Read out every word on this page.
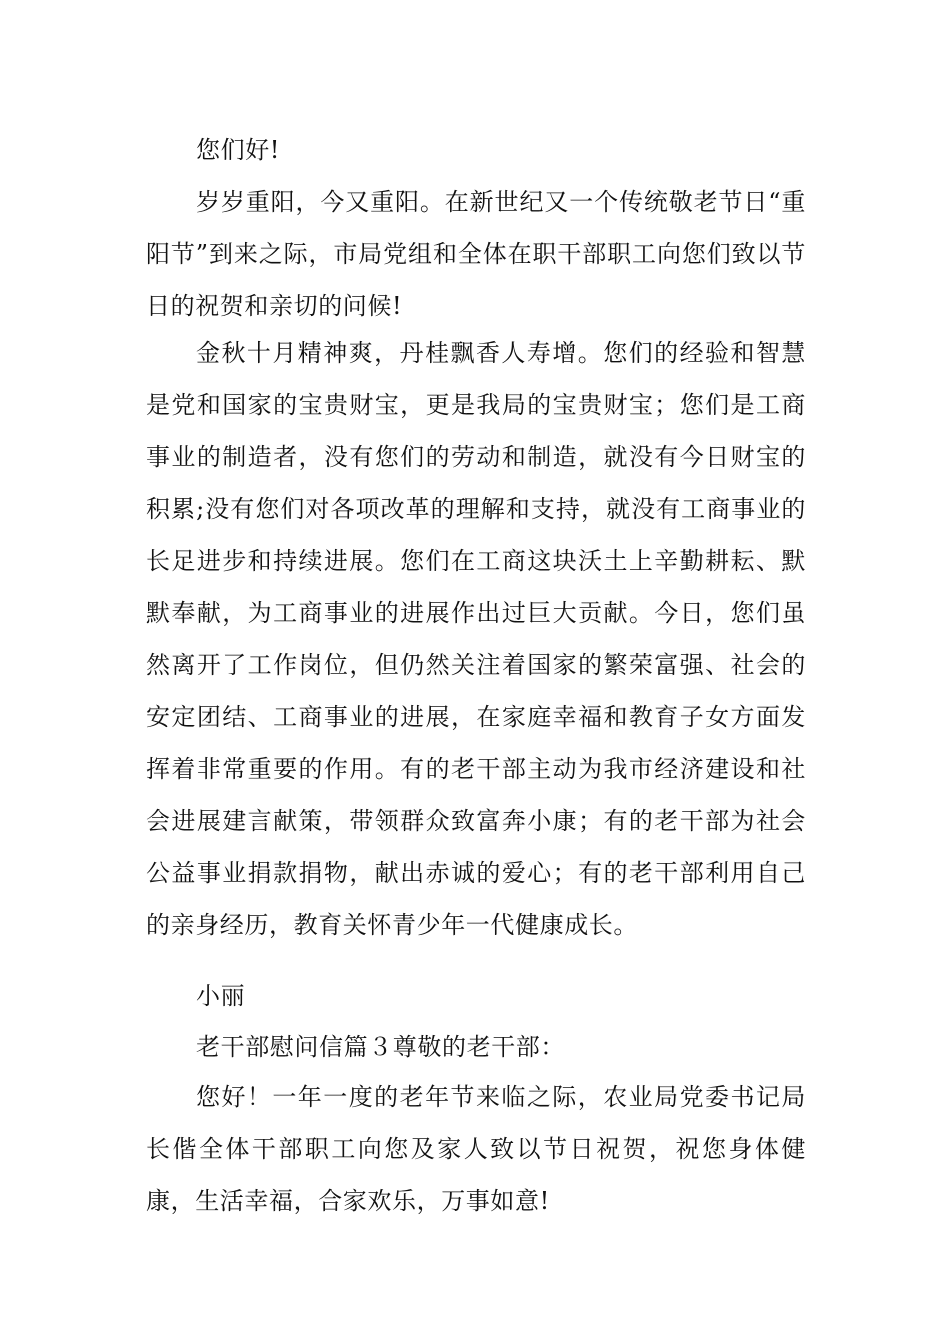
您们好!

岁岁重阳，今又重阳。在新世纪又一个传统敬老节日“重阳节”到来之际，市局党组和全体在职干部职工向您们致以节日的祝贺和亲切的问候!

金秋十月精神爽，丹桂飘香人寿增。您们的经验和智慧是党和国家的宝贵财宝，更是我局的宝贵财宝；您们是工商事业的制造者，没有您们的劳动和制造，就没有今日财宝的积累;没有您们对各项改革的理解和支持，就没有工商事业的长足进步和持续进展。您们在工商这块沃土上辛勤耕耘、默默奉献，为工商事业的进展作出过巨大贡献。今日，您们虽然离开了工作岗位，但仍然关注着国家的繁荣富强、社会的安定团结、工商事业的进展，在家庭幸福和教育子女方面发挥着非常重要的作用。有的老干部主动为我市经济建设和社会进展建言献策，带领群众致富奔小康；有的老干部为社会公益事业捐款捐物，献出赤诚的爱心；有的老干部利用自己的亲身经历，教育关怀青少年一代健康成长。

小丽

老干部慰问信篇３尊敬的老干部：

您好！一年一度的老年节来临之际，农业局党委书记局长偕全体干部职工向您及家人致以节日祝贺，祝您身体健康，生活幸福，合家欢乐，万事如意!
